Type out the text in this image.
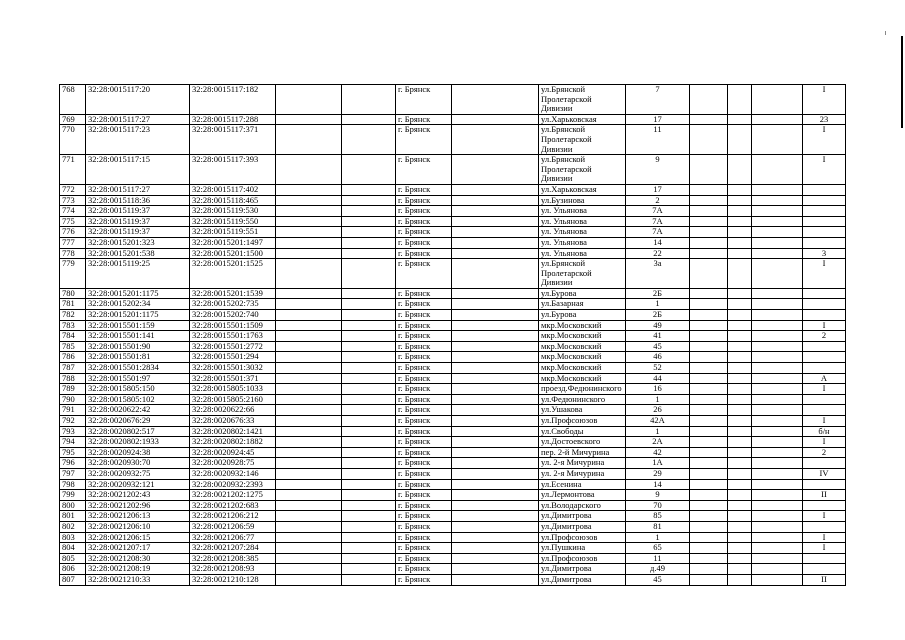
768	32:28:0015117:20	32:28:0015117:182			г. Брянск		ул.Брянской Пролетарской Дивизии	7				I
769	32:28:0015117:27	32:28:0015117:288			г. Брянск		ул.Харьковская	17				23
770	32:28:0015117:23	32:28:0015117:371			г. Брянск		ул.Брянской Пролетарской Дивизии	11				I
771	32:28:0015117:15	32:28:0015117:393			г. Брянск		ул.Брянской Пролетарской Дивизии	9				I
772	32:28:0015117:27	32:28:0015117:402			г. Брянск		ул.Харьковская	17				
773	32:28:0015118:36	32:28:0015118:465			г. Брянск		ул.Бузинова	2				
774	32:28:0015119:37	32:28:0015119:530			г. Брянск		ул. Ульянова	7А				
775	32:28:0015119:37	32:28:0015119:550			г. Брянск		ул. Ульянова	7А				
776	32:28:0015119:37	32:28:0015119:551			г. Брянск		ул. Ульянова	7А				
777	32:28:0015201:323	32:28:0015201:1497			г. Брянск		ул. Ульянова	14				
778	32:28:0015201:538	32:28:0015201:1500			г. Брянск		ул. Ульянова	22				3
779	32:28:0015119:25	32:28:0015201:1525			г. Брянск		ул.Брянской Пролетарской Дивизии	3а				I
780	32:28:0015201:1175	32:28:0015201:1539			г. Брянск		ул.Бурова	2Б				
781	32:28:0015202:34	32:28:0015202:735			г. Брянск		ул.Базарная	1				
782	32:28:0015201:1175	32:28:0015202:740			г. Брянск		ул.Бурова	2Б				
783	32:28:0015501:159	32:28:0015501:1509			г. Брянск		мкр.Московский	49				I
784	32:28:0015501:141	32:28:0015501:1763			г. Брянск		мкр.Московский	41				2
785	32:28:0015501:90	32:28:0015501:2772			г. Брянск		мкр.Московский	45				
786	32:28:0015501:81	32:28:0015501:294			г. Брянск		мкр.Московский	46				
787	32:28:0015501:2834	32:28:0015501:3032			г. Брянск		мкр.Московский	52				
788	32:28:0015501:97	32:28:0015501:371			г. Брянск		мкр.Московский	44				А
789	32:28:0015805:150	32:28:0015805:1033			г. Брянск		проезд.Федюнинского	16				I
790	32:28:0015805:102	32:28:0015805:2160			г. Брянск		ул.Федюнинского	1				
791	32:28:0020622:42	32:28:0020622:66			г. Брянск		ул.Ушакова	26				
792	32:28:0020676:29	32:28:0020676:33			г. Брянск		ул.Профсоюзов	42А				I
793	32:28:0020802:517	32:28:0020802:1421			г. Брянск		ул.Свободы	1				б/н
794	32:28:0020802:1933	32:28:0020802:1882			г. Брянск		ул.Достоевского	2А				I
795	32:28:0020924:38	32:28:0020924:45			г. Брянск		пер. 2-й Мичурина	42				2
796	32:28:0020930:70	32:28:0020928:75			г. Брянск		ул. 2-я Мичурина	1А				
797	32:28:0020932:75	32:28:0020932:146			г. Брянск		ул. 2-я Мичурина	29				IV
798	32:28:0020932:121	32:28:0020932:2393			г. Брянск		ул.Есенина	14				
799	32:28:0021202:43	32:28:0021202:1275			г. Брянск		ул.Лермонтова	9				II
800	32:28:0021202:96	32:28:0021202:683			г. Брянск		ул.Володарского	70				
801	32:28:0021206:13	32:28:0021206:212			г. Брянск		ул.Димитрова	85				I
802	32:28:0021206:10	32:28:0021206:59			г. Брянск		ул.Димитрова	81				
803	32:28:0021206:15	32:28:0021206:77			г. Брянск		ул.Профсоюзов	1				I
804	32:28:0021207:17	32:28:0021207:284			г. Брянск		ул.Пушкина	65				I
805	32:28:0021208:30	32:28:0021208:385			г. Брянск		ул.Профсоюзов	11				
806	32:28:0021208:19	32:28:0021208:93			г. Брянск		ул.Димитрова	д.49				
807	32:28:0021210:33	32:28:0021210:128			г. Брянск		ул.Димитрова	45				II
